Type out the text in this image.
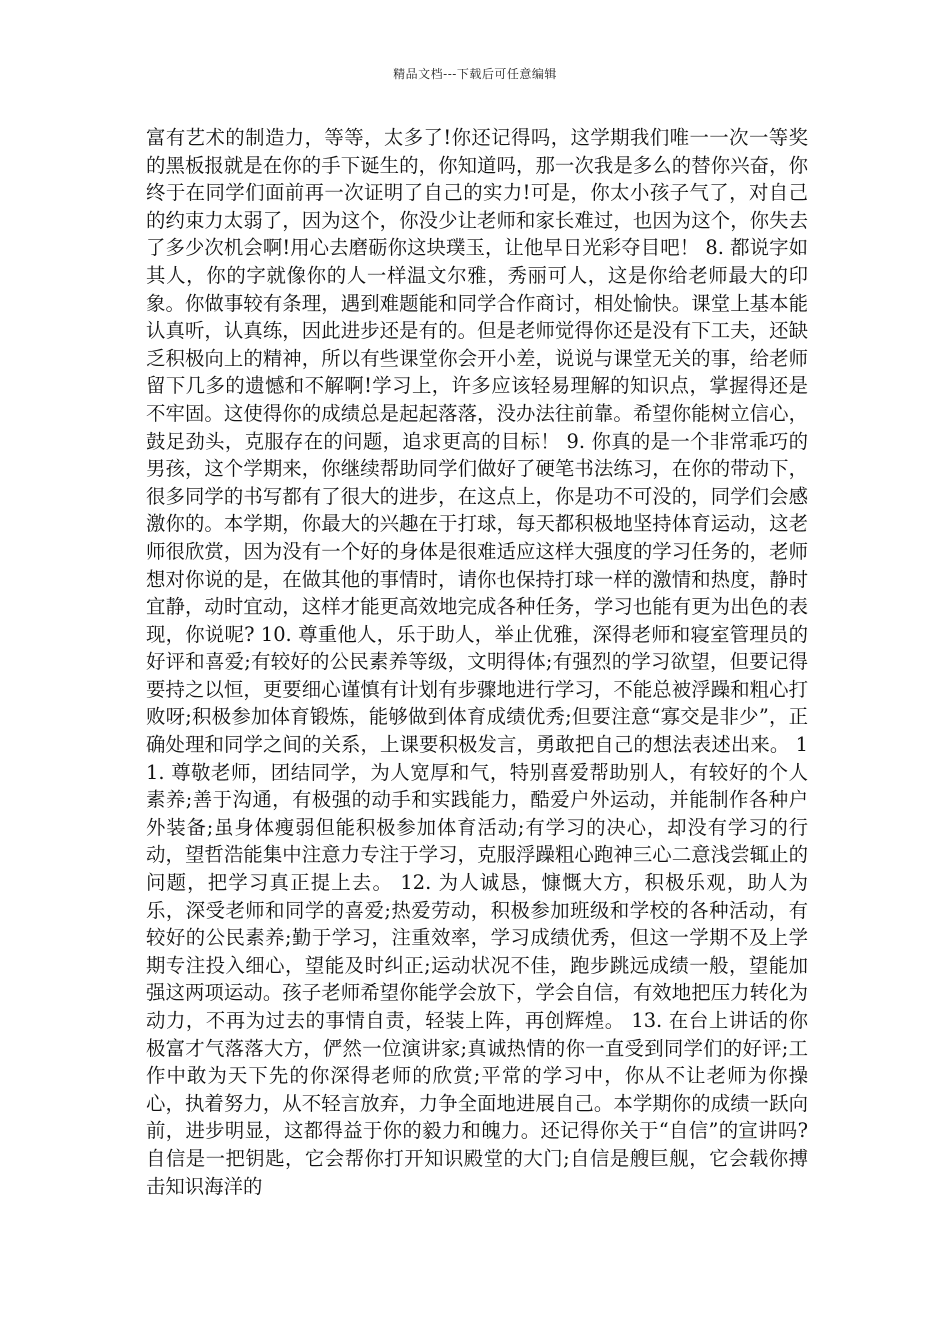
精品文档---下载后可任意编辑

富有艺术的制造力，等等，太多了!你还记得吗，这学期我们唯一一次一等奖的黑板报就是在你的手下诞生的，你知道吗，那一次我是多么的替你兴奋，你终于在同学们面前再一次证明了自己的实力!可是，你太小孩子气了，对自己的约束力太弱了，因为这个，你没少让老师和家长难过，也因为这个，你失去了多少次机会啊!用心去磨砺你这块璞玉，让他早日光彩夺目吧！ 8. 都说字如其人，你的字就像你的人一样温文尔雅，秀丽可人，这是你给老师最大的印象。你做事较有条理，遇到难题能和同学合作商讨，相处愉快。课堂上基本能认真听，认真练，因此进步还是有的。但是老师觉得你还是没有下工夫，还缺乏积极向上的精神，所以有些课堂你会开小差，说说与课堂无关的事，给老师留下几多的遗憾和不解啊!学习上，许多应该轻易理解的知识点，掌握得还是不牢固。这使得你的成绩总是起起落落，没办法往前靠。希望你能树立信心，鼓足劲头，克服存在的问题，追求更高的目标！ 9. 你真的是一个非常乖巧的男孩，这个学期来，你继续帮助同学们做好了硬笔书法练习，在你的带动下，很多同学的书写都有了很大的进步，在这点上，你是功不可没的，同学们会感激你的。本学期，你最大的兴趣在于打球，每天都积极地坚持体育运动，这老师很欣赏，因为没有一个好的身体是很难适应这样大强度的学习任务的，老师想对你说的是，在做其他的事情时，请你也保持打球一样的激情和热度，静时宜静，动时宜动，这样才能更高效地完成各种任务，学习也能有更为出色的表现，你说呢? 10. 尊重他人，乐于助人，举止优雅，深得老师和寝室管理员的好评和喜爱;有较好的公民素养等级，文明得体;有强烈的学习欲望，但要记得要持之以恒，更要细心谨慎有计划有步骤地进行学习，不能总被浮躁和粗心打败呀;积极参加体育锻炼，能够做到体育成绩优秀;但要注意“寡交是非少”，正确处理和同学之间的关系，上课要积极发言，勇敢把自己的想法表述出来。 11. 尊敬老师，团结同学，为人宽厚和气，特别喜爱帮助别人，有较好的个人素养;善于沟通，有极强的动手和实践能力，酷爱户外运动，并能制作各种户外装备;虽身体瘦弱但能积极参加体育活动;有学习的决心，却没有学习的行动，望哲浩能集中注意力专注于学习，克服浮躁粗心跑神三心二意浅尝辄止的问题，把学习真正提上去。 12. 为人诚恳，慷慨大方，积极乐观，助人为乐，深受老师和同学的喜爱;热爱劳动，积极参加班级和学校的各种活动，有较好的公民素养;勤于学习，注重效率，学习成绩优秀，但这一学期不及上学期专注投入细心，望能及时纠正;运动状况不佳，跑步跳远成绩一般，望能加强这两项运动。孩子老师希望你能学会放下，学会自信，有效地把压力转化为动力，不再为过去的事情自责，轻装上阵，再创辉煌。 13. 在台上讲话的你极富才气落落大方，俨然一位演讲家;真诚热情的你一直受到同学们的好评;工作中敢为天下先的你深得老师的欣赏;平常的学习中，你从不让老师为你操心，执着努力，从不轻言放弃，力争全面地进展自己。本学期你的成绩一跃向前，进步明显，这都得益于你的毅力和魄力。还记得你关于“自信”的宣讲吗?自信是一把钥匙，它会帮你打开知识殿堂的大门;自信是艘巨舰，它会载你搏击知识海洋的
